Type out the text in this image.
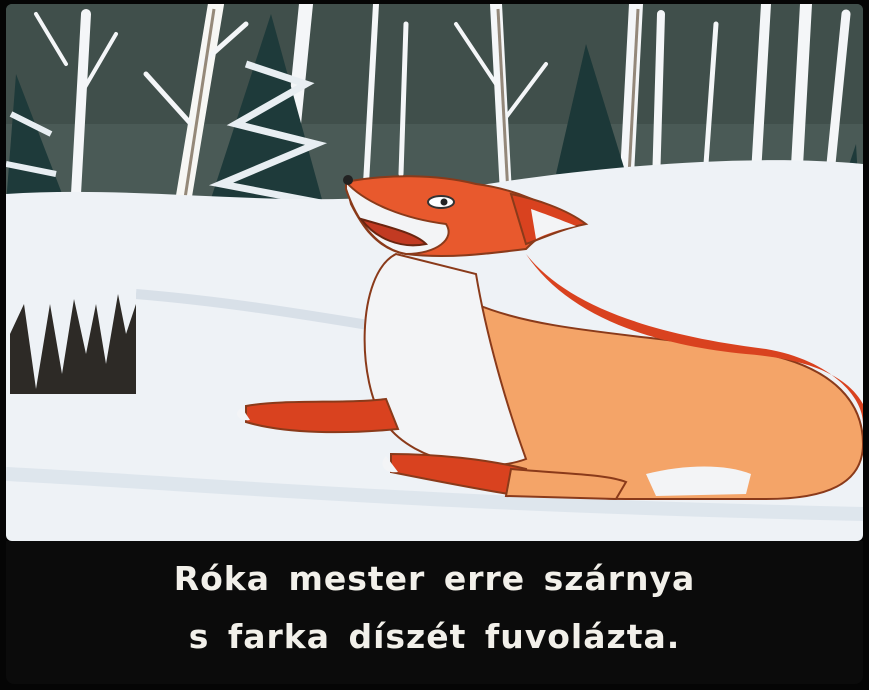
Róka mester erre szárnya
s farka díszét fuvolázta.
